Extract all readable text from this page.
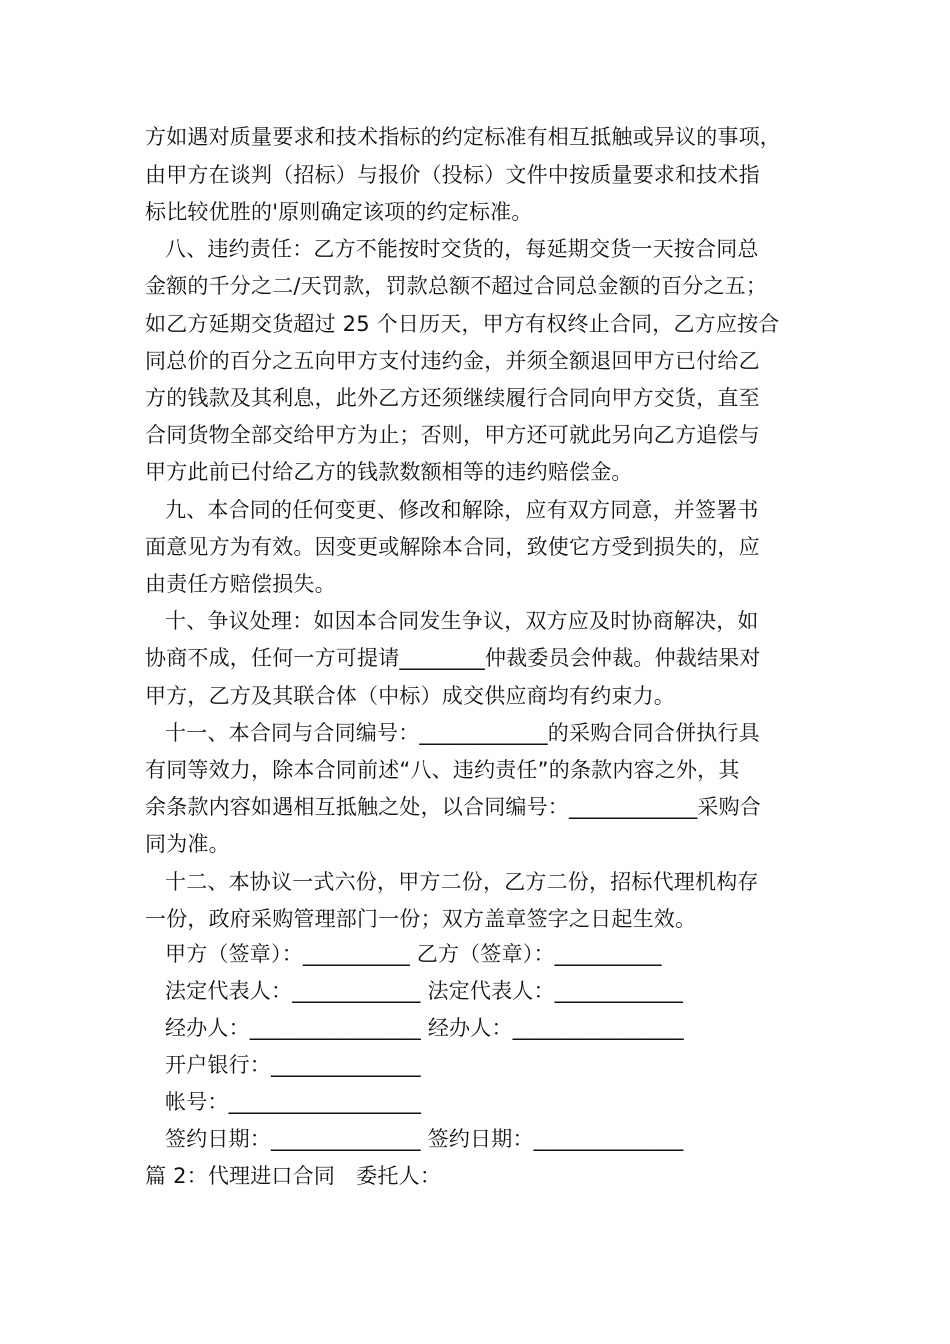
方如遇对质量要求和技术指标的约定标准有相互抵触或异议的事项，
由甲方在谈判（招标）与报价（投标）文件中按质量要求和技术指
标比较优胜的'原则确定该项的约定标准。
八、违约责任：乙方不能按时交货的，每延期交货一天按合同总
金额的千分之二/天罚款，罚款总额不超过合同总金额的百分之五；
如乙方延期交货超过 25 个日历天，甲方有权终止合同，乙方应按合
同总价的百分之五向甲方支付违约金，并须全额退回甲方已付给乙
方的钱款及其利息，此外乙方还须继续履行合同向甲方交货，直至
合同货物全部交给甲方为止；否则，甲方还可就此另向乙方追偿与
甲方此前已付给乙方的钱款数额相等的违约赔偿金。
九、本合同的任何变更、修改和解除，应有双方同意，并签署书
面意见方为有效。因变更或解除本合同，致使它方受到损失的，应
由责任方赔偿损失。
十、争议处理：如因本合同发生争议，双方应及时协商解决，如
协商不成，任何一方可提请________仲裁委员会仲裁。仲裁结果对
甲方，乙方及其联合体（中标）成交供应商均有约束力。
十一、本合同与合同编号：____________的采购合同合併执行具
有同等效力，除本合同前述“八、违约责任”的条款内容之外，其
余条款内容如遇相互抵触之处，以合同编号：____________采购合
同为准。
十二、本协议一式六份，甲方二份，乙方二份，招标代理机构存
一份，政府采购管理部门一份；双方盖章签字之日起生效。
甲方（签章）：__________ 乙方（签章）：__________
法定代表人：____________ 法定代表人：____________
经办人：________________ 经办人：________________
开户银行：______________
帐号：__________________
签约日期：______________ 签约日期：______________
篇 2：代理进口合同　委托人：
